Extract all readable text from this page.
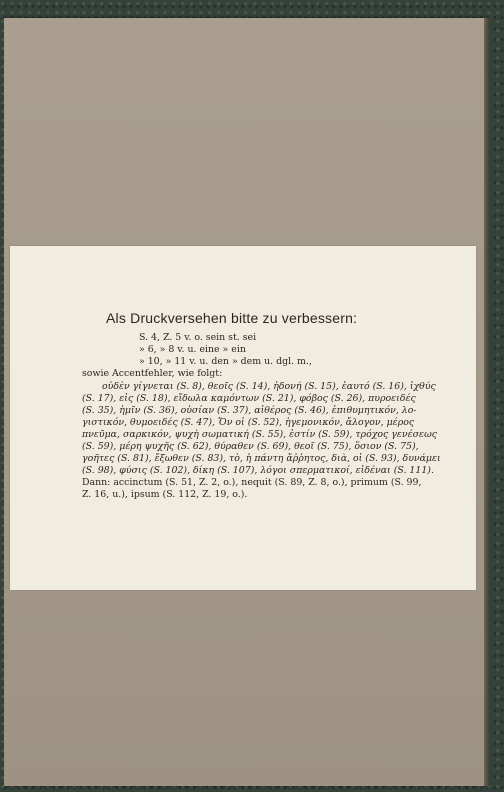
Als Druckversehen bitte zu verbessern:
S. 4, Z. 5 v. o. sein st. sei
» 6, » 8 v. u. eine » ein
» 10, » 11 v. u. den » dem u. dgl. m.,
sowie Accentfehler, wie folgt:
οὐδὲν γίγνεται (S. 8), θεοῖς (S. 14), ἡδονή (S. 15), ἑαυτό (S. 16), ἰχθύς
(S. 17), εἰς (S. 18), εἴδωλα καμόντων (S. 21), φόβος (S. 26), πυροειδές
(S. 35), ἡμῖν (S. 36), οὐσίαν (S. 37), αἰθέρος (S. 46), ἐπιθυμητικόν, λο-
γιστικόν, θυμοειδές (S. 47), Ὄν οἱ (S. 52), ἡγεμονικόν, ἄλογον, μέρος
πνεῦμα, σαρκικόν, ψυχὴ σωματική (S. 55), ἐστίν (S. 59), τρόχος γενέσεως
(S. 59), μέρη ψυχῆς (S. 62), θύραθεν (S. 69), θεοῖ (S. 75), ὅσιον (S. 75),
γοῆτες (S. 81), ἔξωθεν (S. 83), τὸ, ἡ πάντη ἄῤῥητος, διὰ, οἱ (S. 93), δυνάμει
(S. 98), φύσις (S. 102), δίκη (S. 107), λόγοι σπερματικοί, εἰδέναι (S. 111).
Dann: accinctum (S. 51, Z. 2, o.), nequit (S. 89, Z. 8, o.), primum (S. 99,
Z. 16, u.), ipsum (S. 112, Z. 19, o.).
